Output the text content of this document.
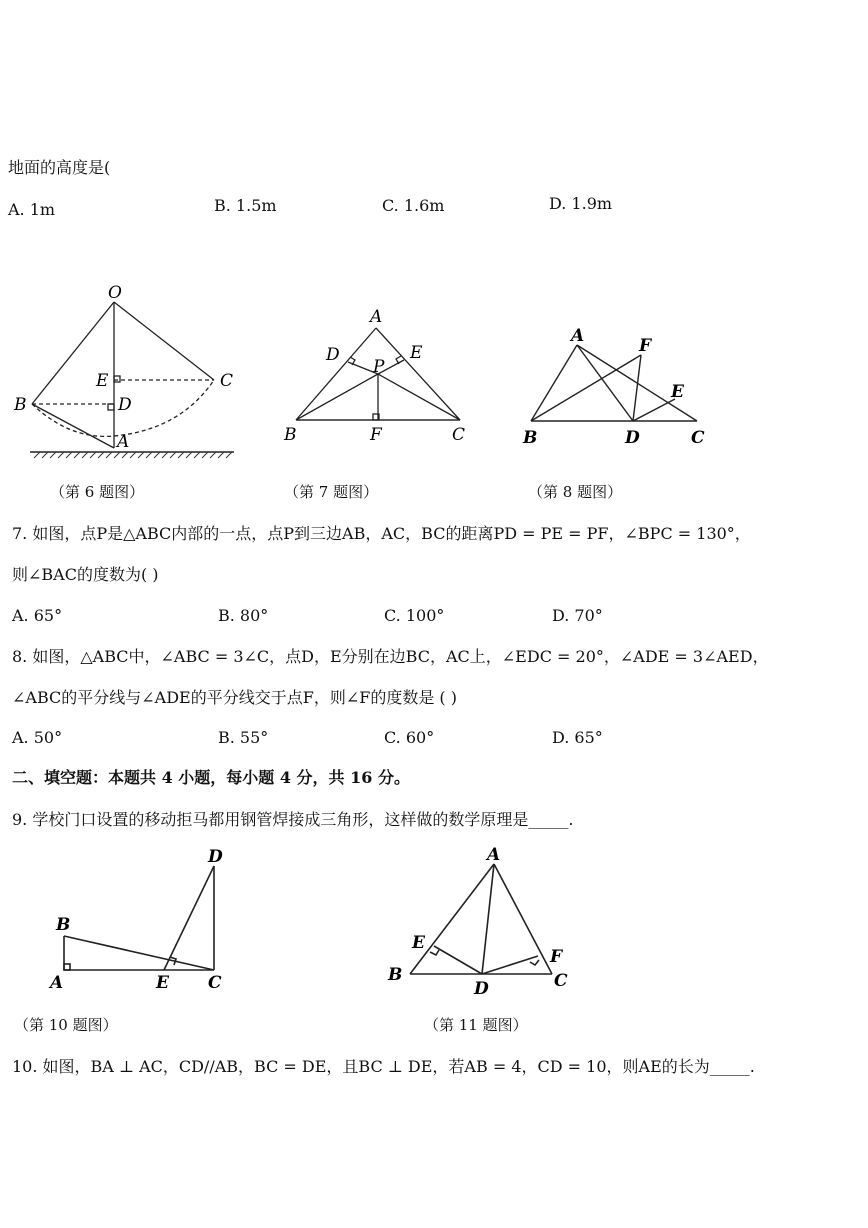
地面的高度是(
A. 1m	B. 1.5m	C. 1.6m	D. 1.9m
O
E	C
B	D
A
A
D	E
P
B	F	C
A	F
E
B	D	C
（第 6 题图）	（第 7 题图）	（第 8 题图）
7. 如图，点P是△ABC内部的一点，点P到三边AB，AC，BC的距离PD = PE = PF，∠BPC = 130°，
则∠BAC的度数为( )
A. 65°	B. 80°	C. 100°	D. 70°
8. 如图，△ABC中，∠ABC = 3∠C，点D，E分别在边BC，AC上，∠EDC = 20°，∠ADE = 3∠AED，
∠ABC的平分线与∠ADE的平分线交于点F，则∠F的度数是 ( )
A. 50°	B. 55°	C. 60°	D. 65°
二、填空题：本题共 4 小题，每小题 4 分，共 16 分。
9. 学校门口设置的移动拒马都用钢管焊接成三角形，这样做的数学原理是_____.
D
B
A	E C
A
E
F
B
D	C
（第 10 题图）	（第 11 题图）
10. 如图，BA ⊥ AC，CD//AB，BC = DE，且BC ⊥ DE，若AB = 4，CD = 10，则AE的长为_____.
